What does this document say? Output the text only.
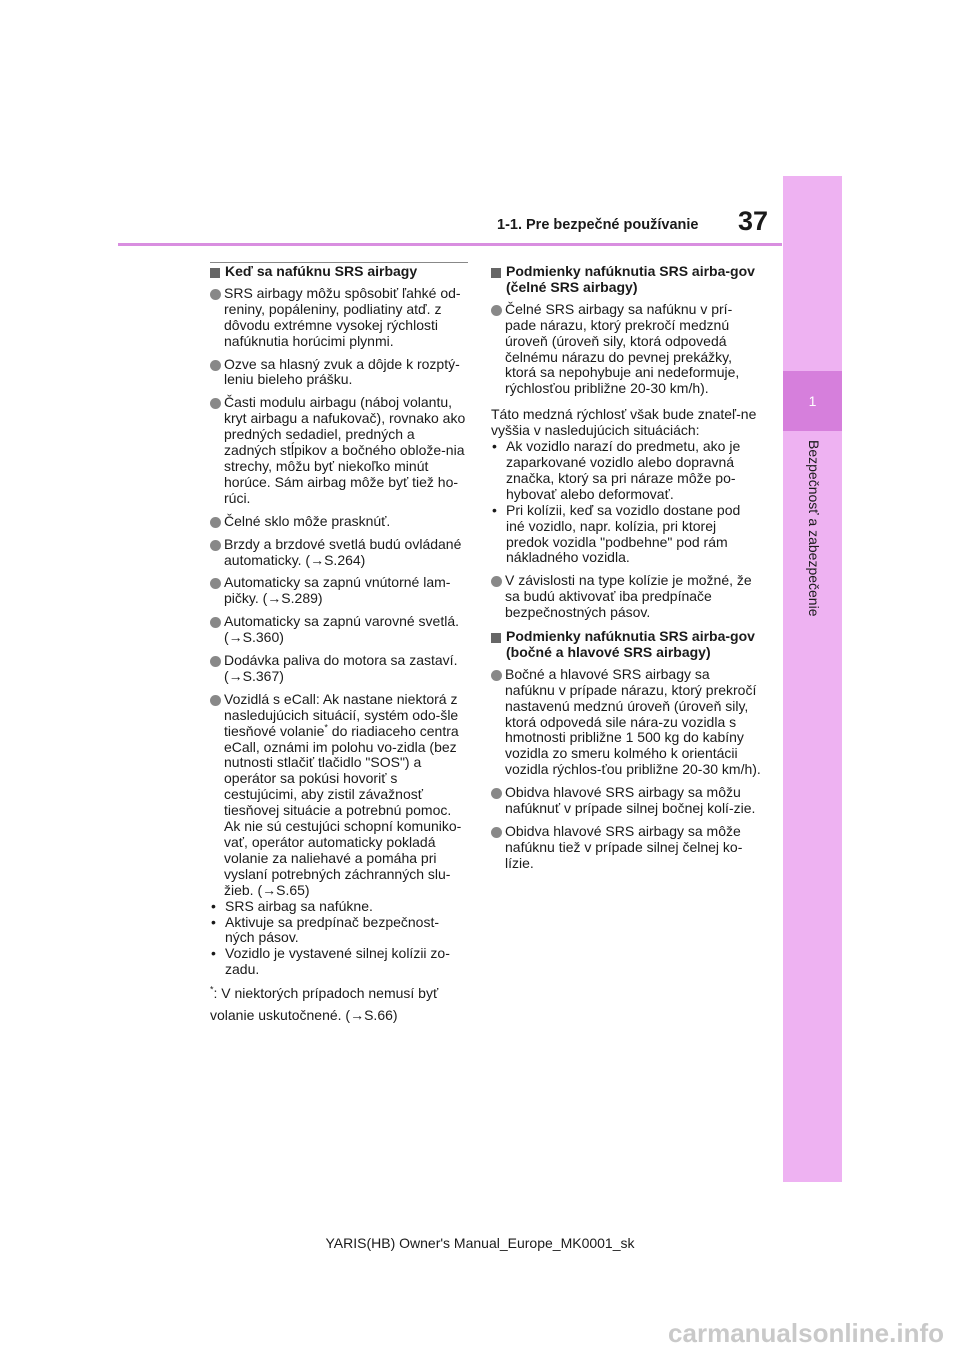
37
1-1. Pre bezpečné používanie
1
Bezpečnosť a zabezpečenie
Keď sa nafúknu SRS airbagy
SRS airbagy môžu spôsobiť ľahké od-reniny, popáleniny, podliatiny atď. z dôvodu extrémne vysokej rýchlosti nafúknutia horúcimi plynmi.
Ozve sa hlasný zvuk a dôjde k rozptý-leniu bieleho prášku.
Časti modulu airbagu (náboj volantu, kryt airbagu a nafukovač), rovnako ako predných sedadiel, predných a zadných stĺpikov a bočného oblože-nia strechy, môžu byť niekoľko minút horúce. Sám airbag môže byť tiež ho-rúci.
Čelné sklo môže prasknúť.
Brzdy a brzdové svetlá budú ovládané automaticky. (→S.264)
Automaticky sa zapnú vnútorné lam-pičky. (→S.289)
Automaticky sa zapnú varovné svetlá. (→S.360)
Dodávka paliva do motora sa zastaví. (→S.367)
Vozidlá s eCall: Ak nastane niektorá z nasledujúcich situácií, systém odo-šle tiesňové volanie* do riadiaceho centra eCall, oznámi im polohu vo-zidla (bez nutnosti stlačiť tlačidlo "SOS") a operátor sa pokúsi hovoriť s cestujúcimi, aby zistil závažnosť tiesňovej situácie a potrebnú pomoc. Ak nie sú cestujúci schopní komuniko-vať, operátor automaticky pokladá volanie za naliehavé a pomáha pri vyslaní potrebných záchranných slu-žieb. (→S.65)
• SRS airbag sa nafúkne.
• Aktivuje sa predpínač bezpečnost-ných pásov.
• Vozidlo je vystavené silnej kolízii zo-zadu.
*: V niektorých prípadoch nemusí byť volanie uskutočnené. (→S.66)
Podmienky nafúknutia SRS airba-gov (čelné SRS airbagy)
Čelné SRS airbagy sa nafúknu v prí-pade nárazu, ktorý prekročí medznú úroveň (úroveň sily, ktorá odpovedá čelnému nárazu do pevnej prekážky, ktorá sa nepohybuje ani nedeformuje, rýchlosťou približne 20-30 km/h).
Táto medzná rýchlosť však bude znateľ-ne vyššia v nasledujúcich situáciách:
• Ak vozidlo narazí do predmetu, ako je zaparkované vozidlo alebo dopravná značka, ktorý sa pri náraze môže po-hybovať alebo deformovať.
• Pri kolízii, keď sa vozidlo dostane pod iné vozidlo, napr. kolízia, pri ktorej predok vozidla "podbehne" pod rám nákladného vozidla.
V závislosti na type kolízie je možné, že sa budú aktivovať iba predpínače bezpečnostných pásov.
Podmienky nafúknutia SRS airba-gov (bočné a hlavové SRS airbagy)
Bočné a hlavové SRS airbagy sa nafúknu v prípade nárazu, ktorý prekročí nastavenú medznú úroveň (úroveň sily, ktorá odpovedá sile nára-zu vozidla s hmotnosti približne 1 500 kg do kabíny vozidla zo smeru kolmého k orientácii vozidla rýchlos-ťou približne 20-30 km/h).
Obidva hlavové SRS airbagy sa môžu nafúknuť v prípade silnej bočnej kolí-zie.
Obidva hlavové SRS airbagy sa môže nafúknu tiež v prípade silnej čelnej ko-lízie.
YARIS(HB) Owner's Manual_Europe_MK0001_sk
carmanualsonline.info
